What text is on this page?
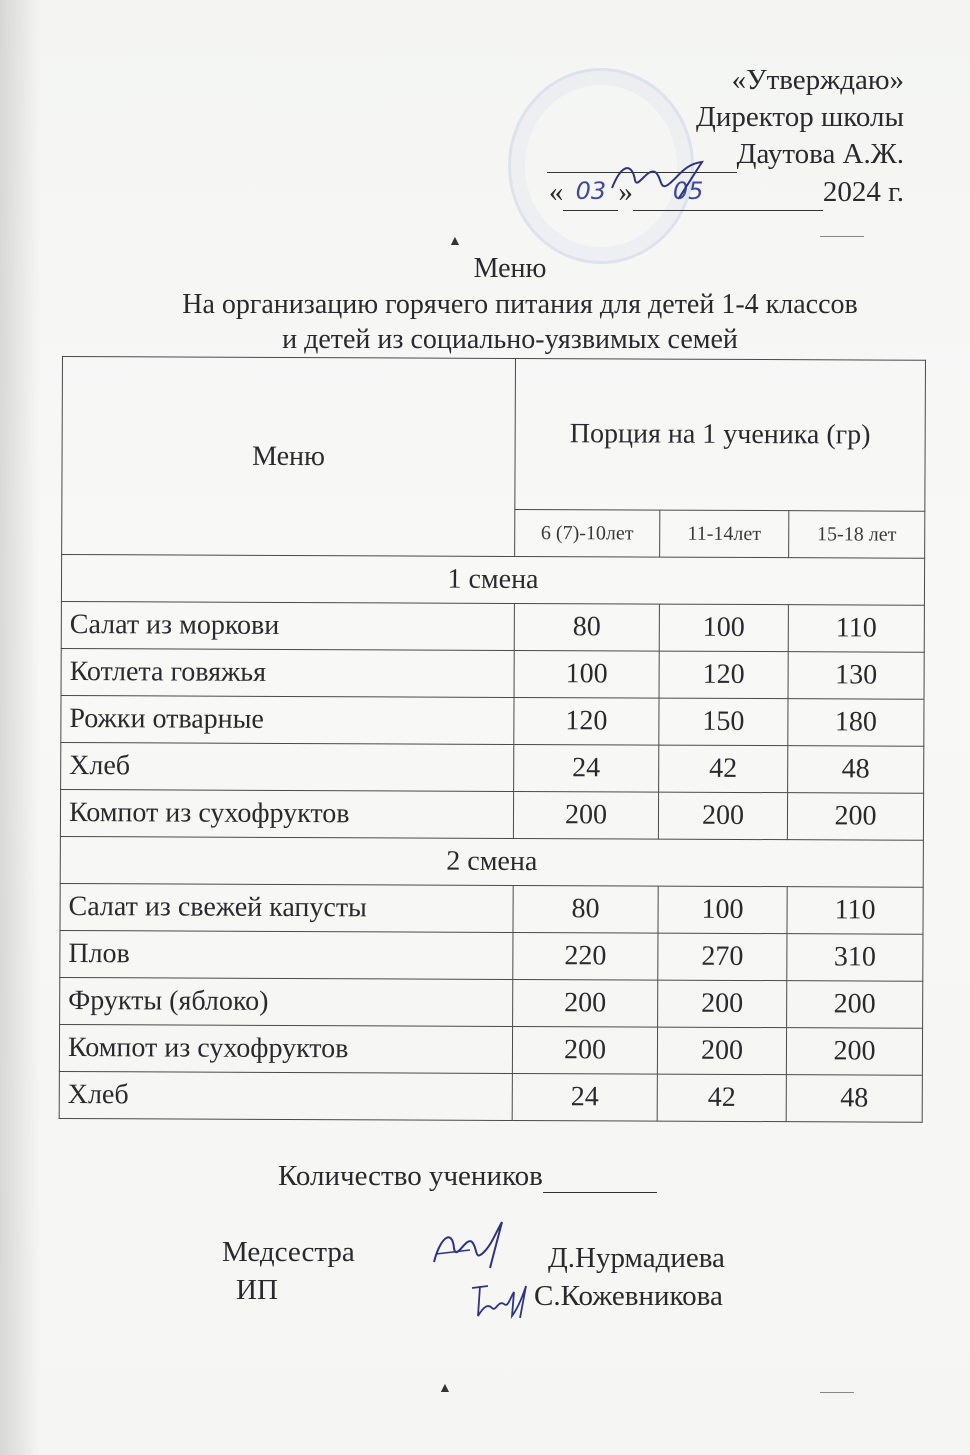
«Утверждаю»
Директор школы
Даутова А.Ж.
« 03 » 05	2024 г.
▲
Меню
На организацию горячего питания для детей 1-4 классов
и детей из социально-уязвимых семей
Меню	Порция на 1 ученика (гр)		
	6 (7)-10лет	11-14лет	15-18 лет
1 смена			
Салат из моркови	80	100	110
Котлета говяжья	100	120	130
Рожки отварные	120	150	180
Хлеб	24	42	48
Компот из сухофруктов	200	200	200
2 смена			
Салат из свежей капусты	80	100	110
Плов	220	270	310
Фрукты (яблоко)	200	200	200
Компот из сухофруктов	200	200	200
Хлеб	24	42	48
Количество учеников
Медсестра	Д.Нурмадиева
ИП	С.Кожевникова
▲
